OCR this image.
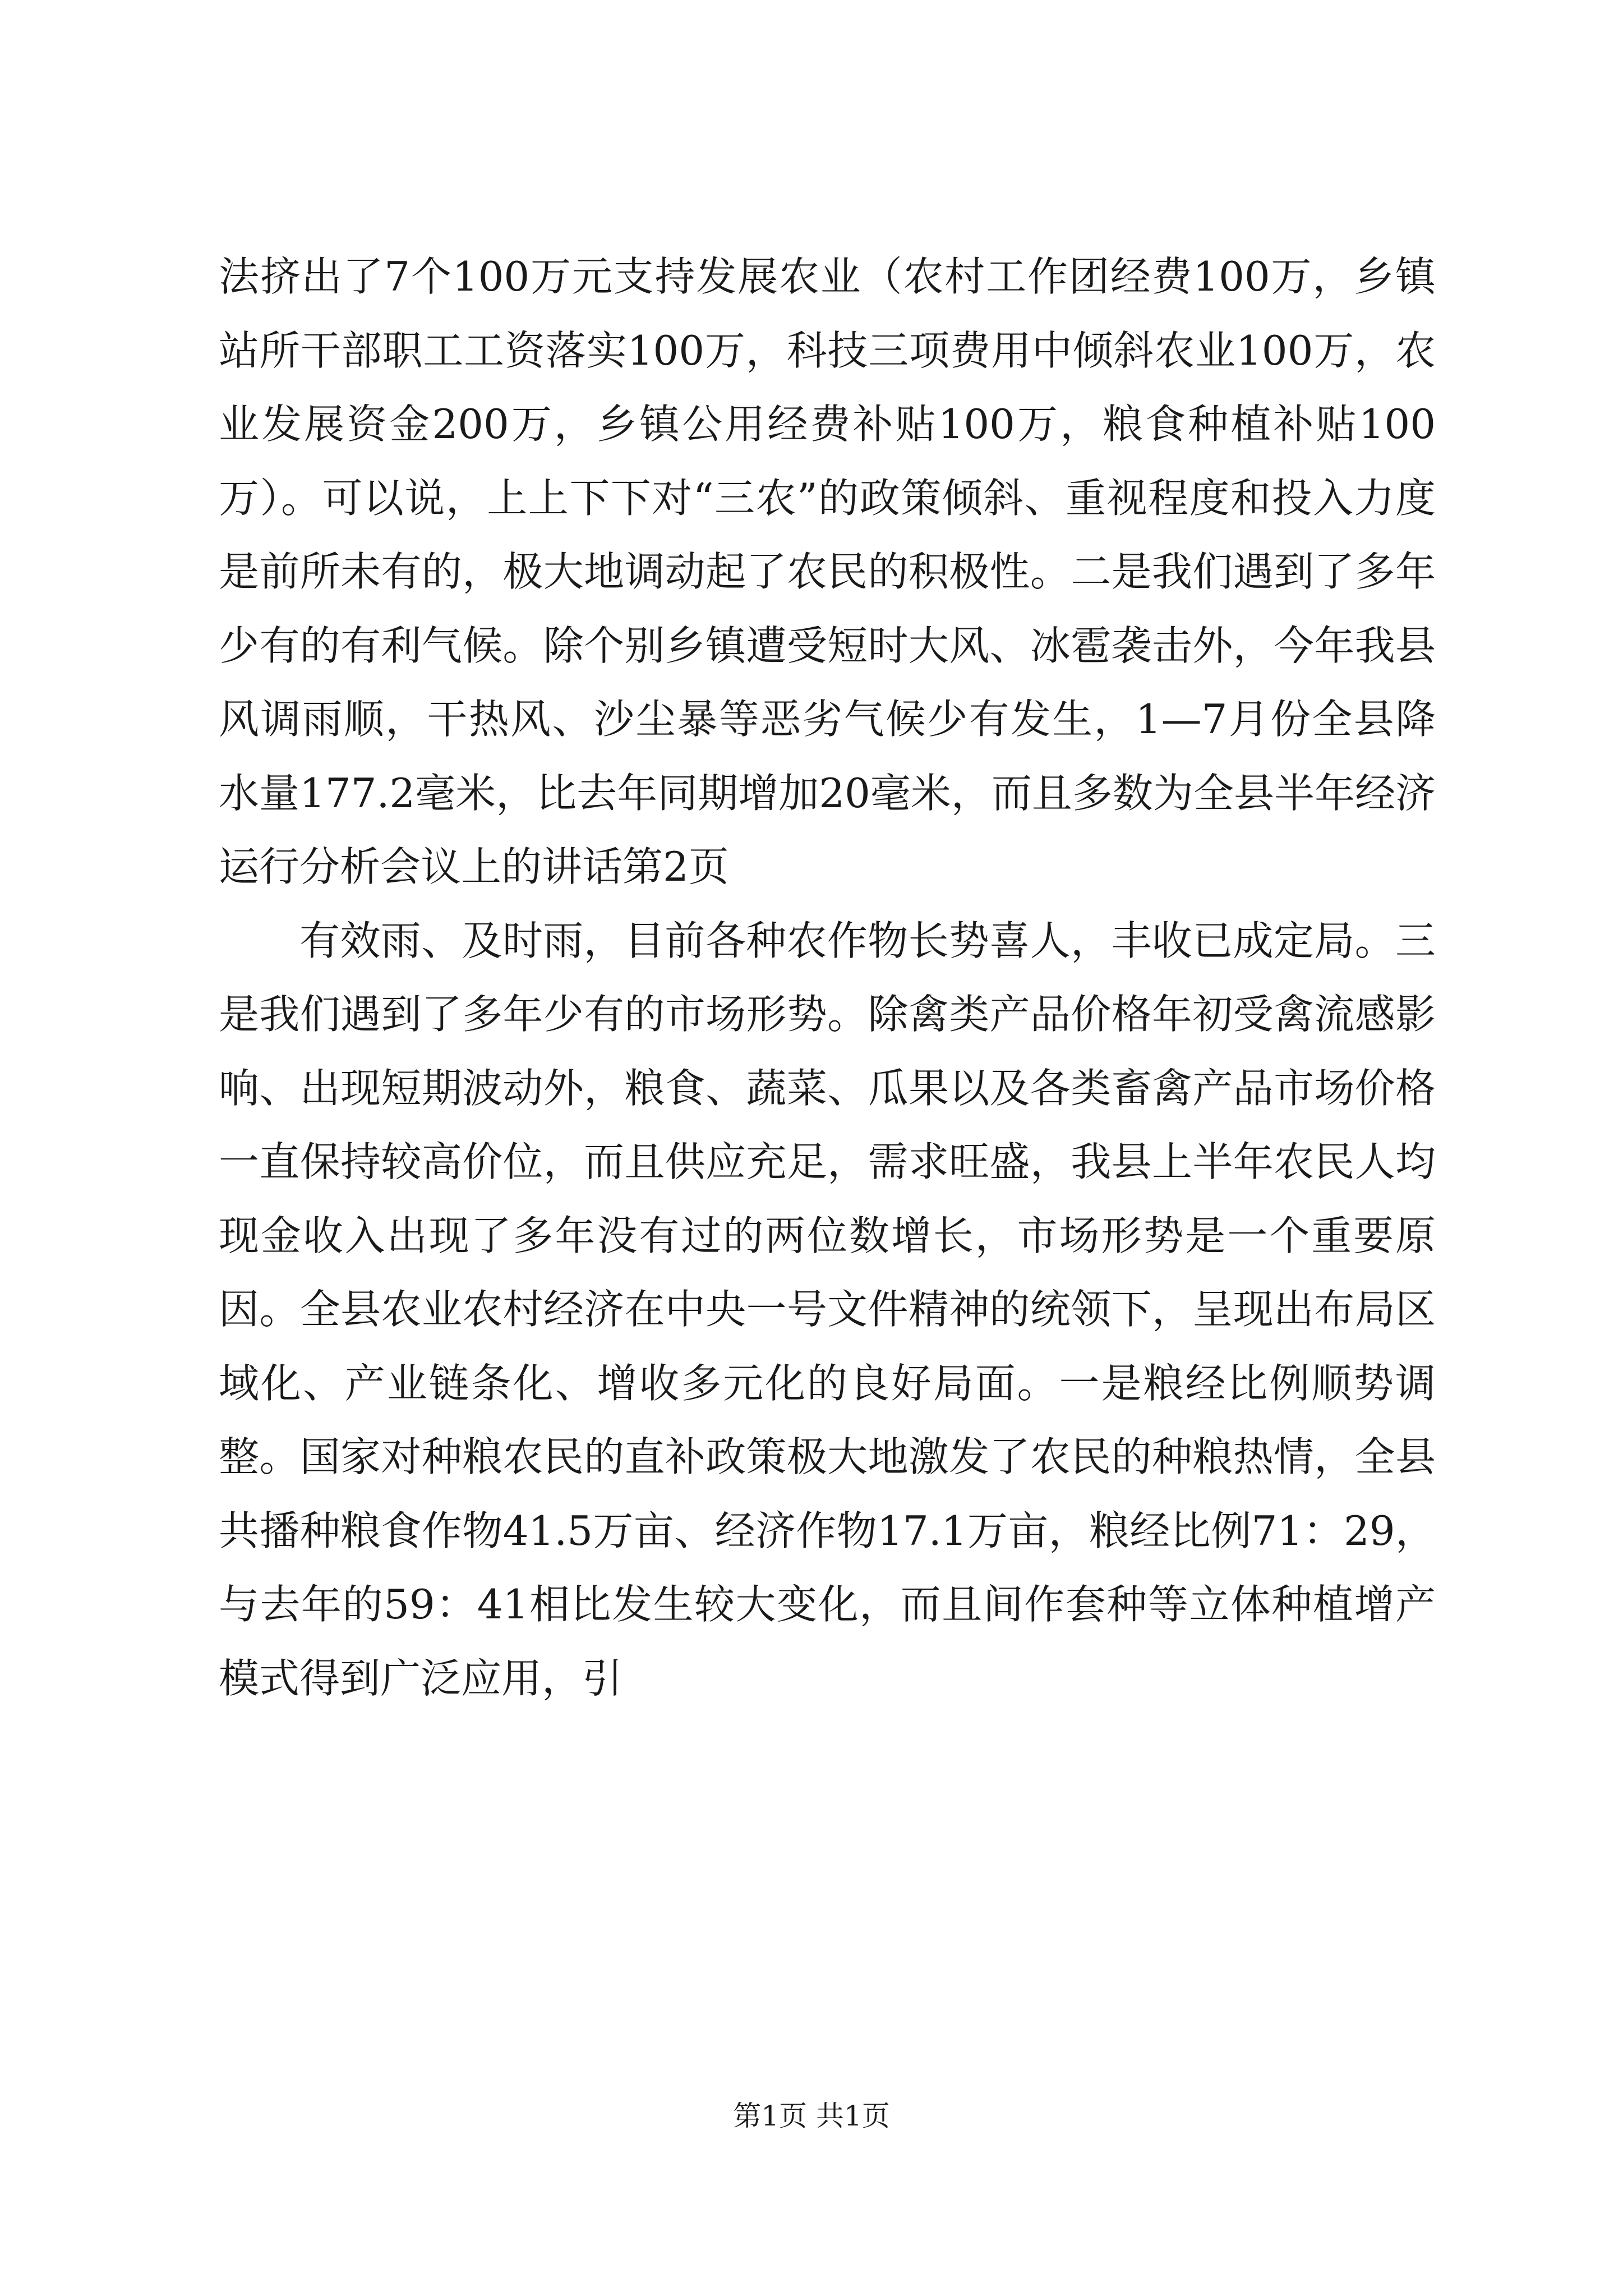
法挤出了7个100万元支持发展农业（农村工作团经费100万，乡镇站所干部职工工资落实100万，科技三项费用中倾斜农业100万，农业发展资金200万，乡镇公用经费补贴100万，粮食种植补贴100万）。可以说，上上下下对“三农”的政策倾斜、重视程度和投入力度是前所未有的，极大地调动起了农民的积极性。二是我们遇到了多年少有的有利气候。除个别乡镇遭受短时大风、冰雹袭击外，今年我县风调雨顺，干热风、沙尘暴等恶劣气候少有发生，1—7月份全县降水量177.2毫米，比去年同期增加20毫米，而且多数为全县半年经济运行分析会议上的讲话第2页

有效雨、及时雨，目前各种农作物长势喜人，丰收已成定局。三是我们遇到了多年少有的市场形势。除禽类产品价格年初受禽流感影响、出现短期波动外，粮食、蔬菜、瓜果以及各类畜禽产品市场价格一直保持较高价位，而且供应充足，需求旺盛，我县上半年农民人均现金收入出现了多年没有过的两位数增长，市场形势是一个重要原因。全县农业农村经济在中央一号文件精神的统领下，呈现出布局区域化、产业链条化、增收多元化的良好局面。一是粮经比例顺势调整。国家对种粮农民的直补政策极大地激发了农民的种粮热情，全县共播种粮食作物41.5万亩、经济作物17.1万亩，粮经比例71：29，与去年的59：41相比发生较大变化，而且间作套种等立体种植增产模式得到广泛应用，引

第1页 共1页
